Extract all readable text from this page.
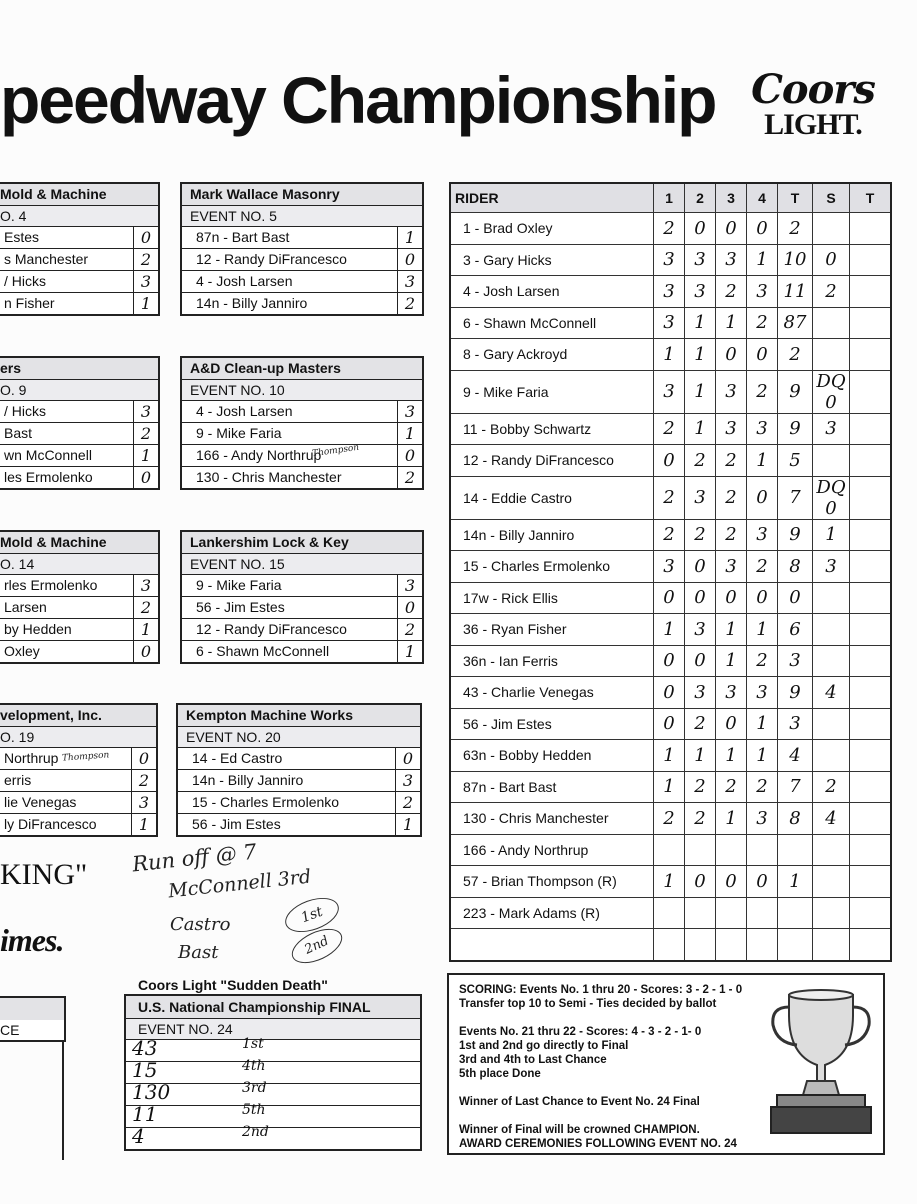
peedway Championship Coors
LIGHT.
Mold & Machine
O. 4
Estes	0
s Manchester	2
/ Hicks	3
n Fisher	1
Mark Wallace Masonry
EVENT NO. 5
87n - Bart Bast	1
12 - Randy DiFrancesco	0
4 - Josh Larsen	3
14n - Billy Janniro	2
ers
O. 9
/ Hicks	3
Bast	2
wn McConnell	1
les Ermolenko	0
A&D Clean-up Masters
EVENT NO. 10
4 - Josh Larsen	3
9 - Mike Faria	1
166 - Andy Northrup	0
130 - Chris Manchester	2
Mold & Machine
O. 14
rles Ermolenko	3
Larsen	2
by Hedden	1
Oxley	0
Lankershim Lock & Key
EVENT NO. 15
9 - Mike Faria	3
56 - Jim Estes	0
12 - Randy DiFrancesco	2
6 - Shawn McConnell	1
velopment, Inc.
O. 19
Northrup	0
erris	2
lie Venegas	3
ly DiFrancesco	1
Kempton Machine Works
EVENT NO. 20
14 - Ed Castro	0
14n - Billy Janniro	3
15 - Charles Ermolenko	2
56 - Jim Estes	1
Thompson
Thompson
KING"
imes.
CE
Run off @ 7
McConnell 3rd
Castro
Bast
1st
2nd
Coors Light "Sudden Death"
U.S. National Championship FINAL
EVENT NO. 24
43	1st
15	4th
130	3rd
11	5th
4	2nd
RIDER	1	2	3	4	T	S	T
1 - Brad Oxley	2	0	0	0	2		
3 - Gary Hicks	3	3	3	1	10	0	
4 - Josh Larsen	3	3	2	3	11	2	
6 - Shawn McConnell	3	1	1	2	87		
8 - Gary Ackroyd	1	1	0	0	2		
9 - Mike Faria	3	1	3	2	9	DQ 0	
11 - Bobby Schwartz	2	1	3	3	9	3	
12 - Randy DiFrancesco	0	2	2	1	5		
14 - Eddie Castro	2	3	2	0	7	DQ 0	
14n - Billy Janniro	2	2	2	3	9	1	
15 - Charles Ermolenko	3	0	3	2	8	3	
17w - Rick Ellis	0	0	0	0	0		
36 - Ryan Fisher	1	3	1	1	6		
36n - Ian Ferris	0	0	1	2	3		
43 - Charlie Venegas	0	3	3	3	9	4	
56 - Jim Estes	0	2	0	1	3		
63n - Bobby Hedden	1	1	1	1	4		
87n - Bart Bast	1	2	2	2	7	2	
130 - Chris Manchester	2	2	1	3	8	4	
166 - Andy Northrup							
57 - Brian Thompson (R)	1	0	0	0	1		
223 - Mark Adams (R)							

SCORING: Events No. 1 thru 20 - Scores: 3 - 2 - 1 - 0

Transfer top 10 to Semi - Ties decided by ballot

Events No. 21 thru 22 - Scores: 4 - 3 - 2 - 1- 0

1st and 2nd go directly to Final

3rd and 4th to Last Chance

5th place Done

Winner of Last Chance to Event No. 24 Final

Winner of Final will be crowned CHAMPION.

AWARD CEREMONIES FOLLOWING EVENT NO. 24
